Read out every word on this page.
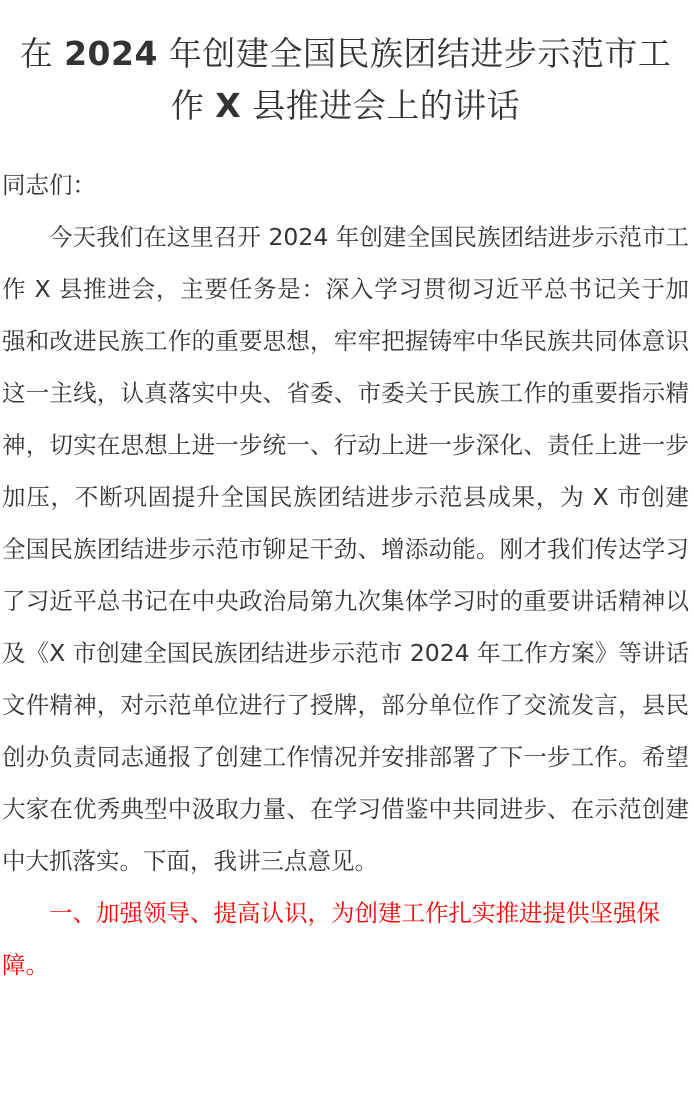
在 2024 年创建全国民族团结进步示范市工
作 X 县推进会上的讲话

同志们：

今天我们在这里召开 2024 年创建全国民族团结进步示范市工作 X 县推进会，主要任务是：深入学习贯彻习近平总书记关于加强和改进民族工作的重要思想，牢牢把握铸牢中华民族共同体意识这一主线，认真落实中央、省委、市委关于民族工作的重要指示精神，切实在思想上进一步统一、行动上进一步深化、责任上进一步加压，不断巩固提升全国民族团结进步示范县成果，为 X 市创建全国民族团结进步示范市铆足干劲、增添动能。刚才我们传达学习了习近平总书记在中央政治局第九次集体学习时的重要讲话精神以及《X 市创建全国民族团结进步示范市 2024 年工作方案》等讲话文件精神，对示范单位进行了授牌，部分单位作了交流发言，县民创办负责同志通报了创建工作情况并安排部署了下一步工作。希望大家在优秀典型中汲取力量、在学习借鉴中共同进步、在示范创建中大抓落实。下面，我讲三点意见。

一、加强领导、提高认识，为创建工作扎实推进提供坚强保障。
